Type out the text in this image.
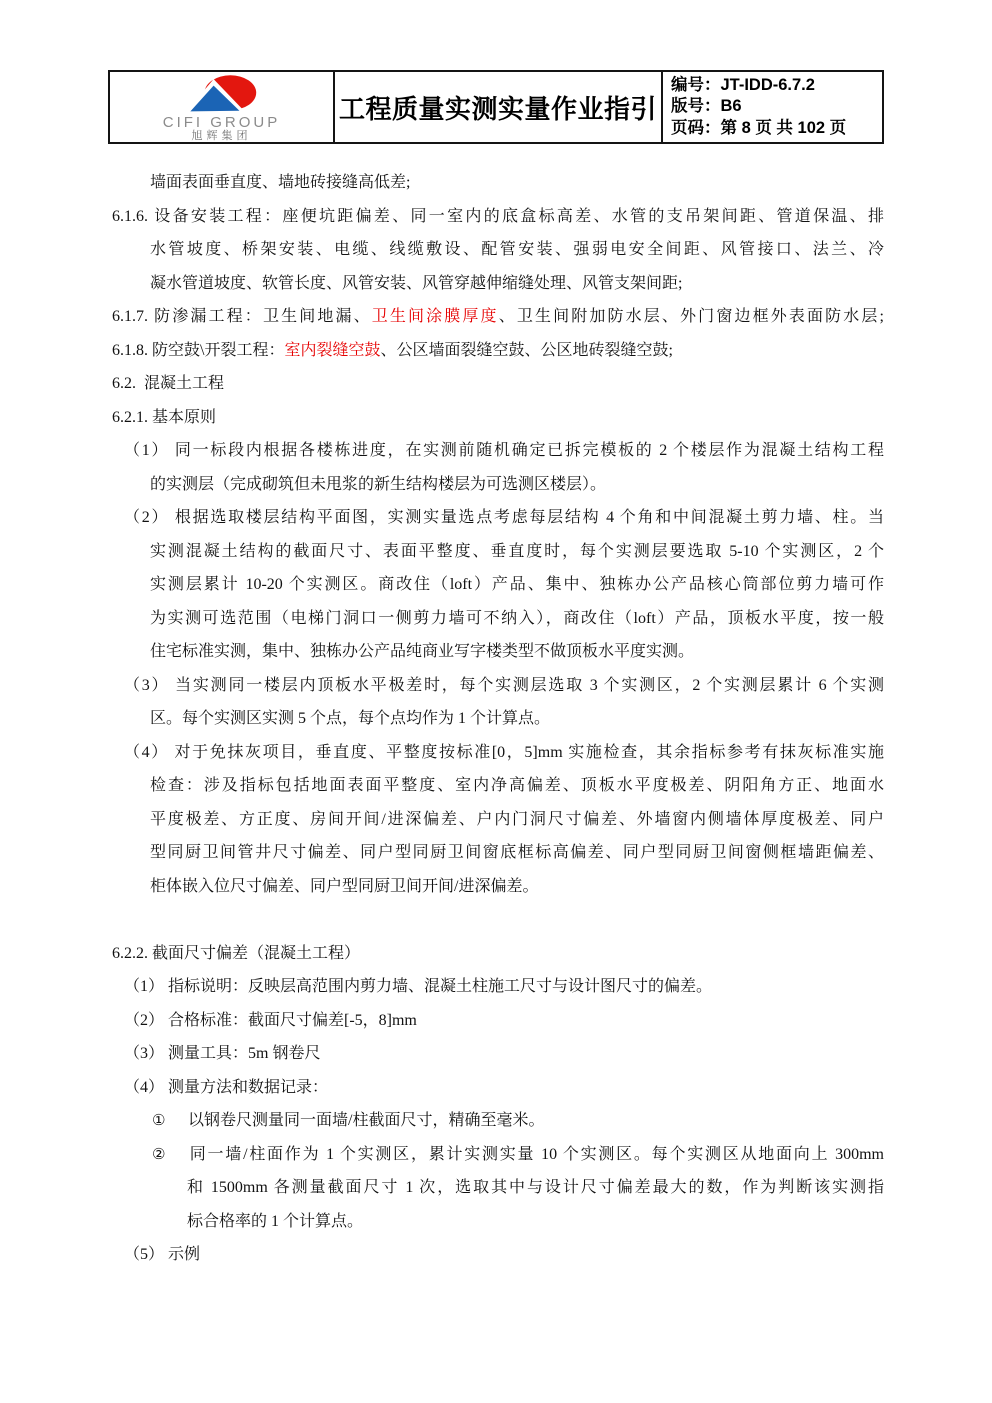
CIFI GROUP
旭辉集团
工程质量实测实量作业指引
编号：JT-IDD-6.7.2
版号：B6
页码：第 8 页 共 102 页
墙面表面垂直度、墙地砖接缝高低差;
6.1.6. 设备安装工程：座便坑距偏差、同一室内的底盒标高差、水管的支吊架间距、管道保温、排
水管坡度、桥架安装、电缆、线缆敷设、配管安装、强弱电安全间距、风管接口、法兰、冷
凝水管道坡度、软管长度、风管安装、风管穿越伸缩缝处理、风管支架间距;
6.1.7. 防渗漏工程：卫生间地漏、卫生间涂膜厚度、卫生间附加防水层、外门窗边框外表面防水层;
6.1.8. 防空鼓\开裂工程：室内裂缝空鼓、公区墙面裂缝空鼓、公区地砖裂缝空鼓;
6.2.  混凝土工程
6.2.1. 基本原则
（1） 同一标段内根据各楼栋进度，在实测前随机确定已拆完模板的 2 个楼层作为混凝土结构工程
的实测层（完成砌筑但未甩浆的新生结构楼层为可选测区楼层）。
（2） 根据选取楼层结构平面图，实测实量选点考虑每层结构 4 个角和中间混凝土剪力墙、柱。当
实测混凝土结构的截面尺寸、表面平整度、垂直度时，每个实测层要选取 5-10 个实测区，2 个
实测层累计 10-20 个实测区。商改住（loft）产品、集中、独栋办公产品核心筒部位剪力墙可作
为实测可选范围（电梯门洞口一侧剪力墙可不纳入），商改住（loft）产品，顶板水平度，按一般
住宅标准实测，集中、独栋办公产品纯商业写字楼类型不做顶板水平度实测。
（3） 当实测同一楼层内顶板水平极差时，每个实测层选取 3 个实测区，2 个实测层累计 6 个实测
区。每个实测区实测 5 个点，每个点均作为 1 个计算点。
（4） 对于免抹灰项目，垂直度、平整度按标准[0，5]mm 实施检查，其余指标参考有抹灰标准实施
检查：涉及指标包括地面表面平整度、室内净高偏差、顶板水平度极差、阴阳角方正、地面水
平度极差、方正度、房间开间/进深偏差、户内门洞尺寸偏差、外墙窗内侧墙体厚度极差、同户
型同厨卫间管井尺寸偏差、同户型同厨卫间窗底框标高偏差、同户型同厨卫间窗侧框墙距偏差、
柜体嵌入位尺寸偏差、同户型同厨卫间开间/进深偏差。
6.2.2. 截面尺寸偏差（混凝土工程）
（1） 指标说明：反映层高范围内剪力墙、混凝土柱施工尺寸与设计图尺寸的偏差。
（2） 合格标准：截面尺寸偏差[-5，8]mm
（3） 测量工具：5m 钢卷尺
（4） 测量方法和数据记录：
① 以钢卷尺测量同一面墙/柱截面尺寸，精确至毫米。
② 同一墙/柱面作为 1 个实测区，累计实测实量 10 个实测区。每个实测区从地面向上 300mm
和 1500mm 各测量截面尺寸 1 次，选取其中与设计尺寸偏差最大的数，作为判断该实测指
标合格率的 1 个计算点。
（5） 示例
